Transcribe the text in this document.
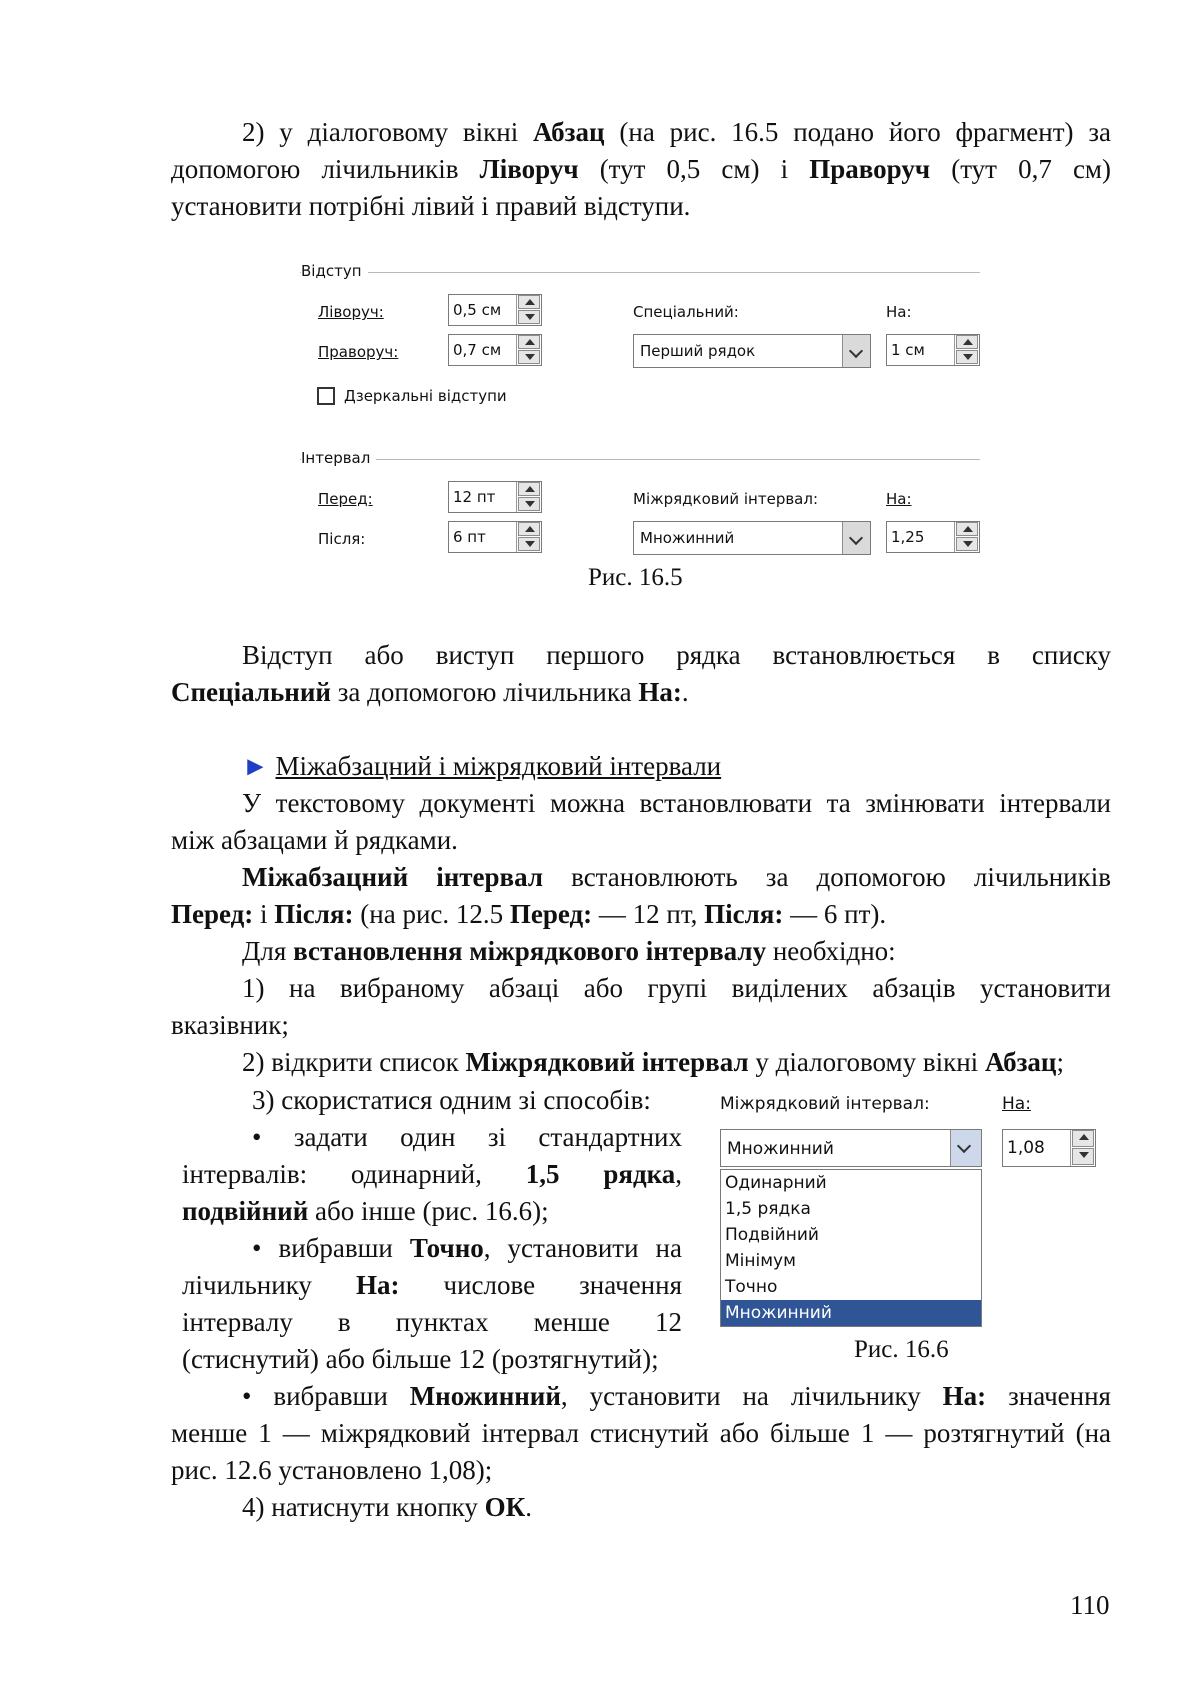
2) у діалоговому вікні Абзац (на рис. 16.5 подано його фрагмент) за
допомогою лічильників Ліворуч (тут 0,5 см) і Праворуч (тут 0,7 см)
установити потрібні лівий і правий відступи.
Відступ
Ліворуч:	0,5 см
Праворуч:	0,7 см
Спеціальний:
Перший рядок
На:
1 см
Дзеркальні відступи
Інтервал
Перед:	12 пт
Після:	6 пт
Міжрядковий інтервал:
Множинний
На:
1,25
Рис. 16.5
Відступ або виступ першого рядка встановлюється в списку
Спеціальний за допомогою лічильника На:.
► Міжабзацний і міжрядковий інтервали
У текстовому документі можна встановлювати та змінювати інтервали
між абзацами й рядками.
Міжабзацний інтервал встановлюють за допомогою лічильників
Перед: і Після: (на рис. 12.5 Перед: — 12 пт, Після: — 6 пт).
Для встановлення міжрядкового інтервалу необхідно:
1) на вибраному абзаці або групі виділених абзаців установити
вказівник;
2) відкрити список Міжрядковий інтервал у діалоговому вікні Абзац;
3) скористатися одним зі способів:
• задати один зі стандартних
інтервалів: одинарний, 1,5 рядка,
подвійний або інше (рис. 16.6);
• вибравши Точно, установити на
лічильнику На: числове значення
інтервалу в пунктах менше 12
(стиснутий) або більше 12 (розтягнутий);
Міжрядковий інтервал:	На:
Множинний	1,08
Одинарний
1,5 рядка
Подвійний
Мінімум
Точно
Множинний
Рис. 16.6
• вибравши Множинний, установити на лічильнику На: значення
менше 1 — міжрядковий інтервал стиснутий або більше 1 — розтягнутий (на
рис. 12.6 установлено 1,08);
4) натиснути кнопку ОК.
110
